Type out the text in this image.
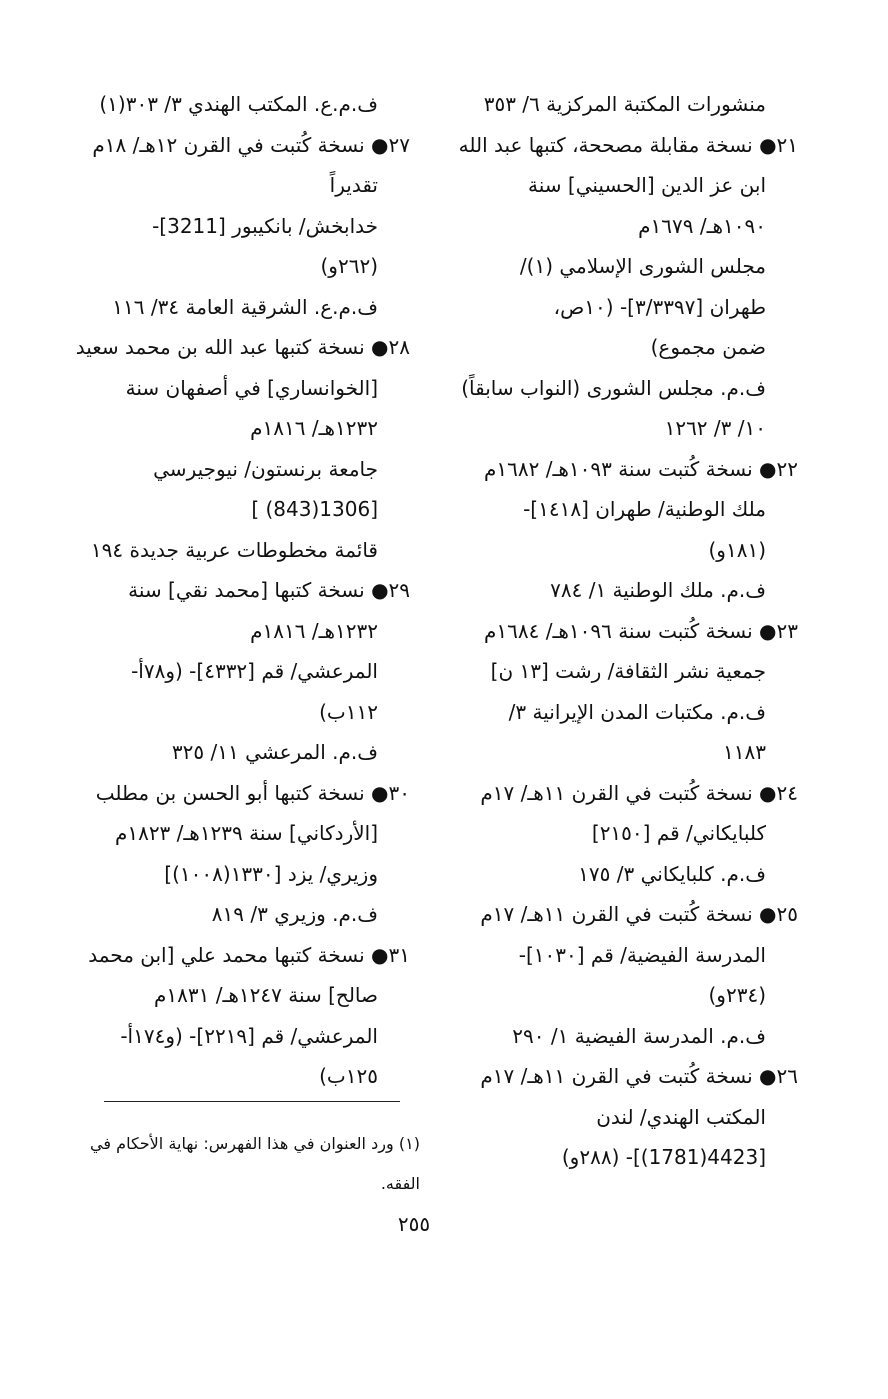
منشورات المكتبة المركزية ٦/ ٣٥٣
٢١● نسخة مقابلة مصححة، كتبها عبد الله
ابن عز الدين [الحسيني] سنة
١٠٩٠هـ/ ١٦٧٩م
مجلس الشورى الإسلامي (١)/
طهران [٣/٣٣٩٧]- (١٠ص،
ضمن مجموع)
ف.م. مجلس الشورى (النواب سابقاً)
١٠/ ٣/ ١٢٦٢
٢٢● نسخة كُتبت سنة ١٠٩٣هـ/ ١٦٨٢م
ملك الوطنية/ طهران [١٤١٨]-
(١٨١و)
ف.م. ملك الوطنية ١/ ٧٨٤
٢٣● نسخة كُتبت سنة ١٠٩٦هـ/ ١٦٨٤م
جمعية نشر الثقافة/ رشت [١٣ ن]
ف.م. مكتبات المدن الإيرانية ٣/
١١٨٣
٢٤● نسخة كُتبت في القرن ١١هـ/ ١٧م
كلبايكاني/ قم [٢١٥٠]
ف.م. كلبايكاني ٣/ ١٧٥
٢٥● نسخة كُتبت في القرن ١١هـ/ ١٧م
المدرسة الفيضية/ قم [١٠٣٠]-
(٢٣٤و)
ف.م. المدرسة الفيضية ١/ ٢٩٠
٢٦● نسخة كُتبت في القرن ١١هـ/ ١٧م
المكتب الهندي/ لندن
[4423(1781)]- (٢٨٨و)
ف.م.ع. المكتب الهندي ٣/ ٣٠٣(١)
٢٧● نسخة كُتبت في القرن ١٢هـ/ ١٨م
تقديراً
خدابخش/ بانكيبور [3211]-
(٢٦٢و)
ف.م.ع. الشرقية العامة ٣٤/ ١١٦
٢٨● نسخة كتبها عبد الله بن محمد سعيد
[الخوانساري] في أصفهان سنة
١٢٣٢هـ/ ١٨١٦م
جامعة برنستون/ نيوجيرسي
[1306(843) ]
قائمة مخطوطات عربية جديدة ١٩٤
٢٩● نسخة كتبها [محمد نقي] سنة
١٢٣٢هـ/ ١٨١٦م
المرعشي/ قم [٤٣٣٢]- (و٧٨أ-
١١٢ب)
ف.م. المرعشي ١١/ ٣٢٥
٣٠● نسخة كتبها أبو الحسن بن مطلب
[الأردكاني] سنة ١٢٣٩هـ/ ١٨٢٣م
وزيري/ يزد [١٣٣٠(١٠٠٨)]
ف.م. وزيري ٣/ ٨١٩
٣١● نسخة كتبها محمد علي [ابن محمد
صالح] سنة ١٢٤٧هـ/ ١٨٣١م
المرعشي/ قم [٢٢١٩]- (و١٧٤أ-
١٢٥ب)
(١) ورد العنوان في هذا الفهرس: نهاية الأحكام في الفقه.
٢٥٥
